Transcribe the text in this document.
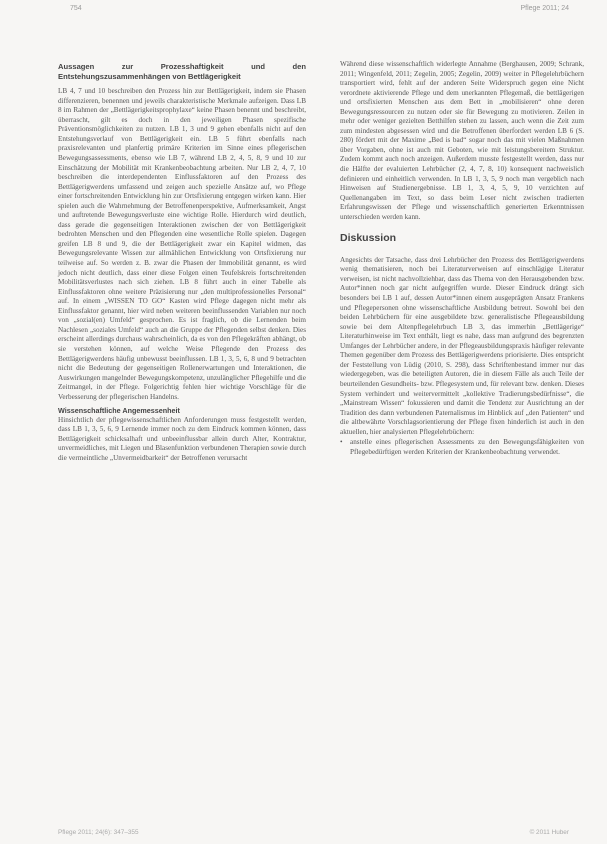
754	Pflege 2011; 24
Aussagen zur Prozesshaftigkeit und den Entstehungszusammenhängen von Bettlägerigkeit

LB 4, 7 und 10 beschreiben den Prozess hin zur Bettlägerigkeit, indem sie Phasen differenzieren, benennen und jeweils charakteristische Merkmale aufzeigen. Dass LB 8 im Rahmen der „Bettlägerigkeitsprophylaxe“ keine Phasen benennt und beschreibt, überrascht, gilt es doch in den jeweiligen Phasen spezifische Präventionsmöglichkeiten zu nutzen. LB 1, 3 und 9 gehen ebenfalls nicht auf den Entstehungsverlauf von Bettlägerigkeit ein. LB 5 führt ebenfalls nach praxisrelevanten und planfertig primäre Kriterien im Sinne eines pflegerischen Bewegungsassessments, ebenso wie LB 7, während LB 2, 4, 5, 8, 9 und 10 zur Einschätzung der Mobilität mit Krankenbeobachtung arbeiten. Nur LB 2, 4, 7, 10 beschreiben die interdependenten Einflussfaktoren auf den Prozess des Bettlägerigwerdens umfassend und zeigen auch spezielle Ansätze auf, wo Pflege einer fortschreitenden Entwicklung hin zur Ortsfixierung entgegen wirken kann. Hier spielen auch die Wahrnehmung der Betroffenenperspektive, Aufmerksamkeit, Angst und auftretende Bewegungsverluste eine wichtige Rolle. Hierdurch wird deutlich, dass gerade die gegenseitigen Interaktionen zwischen der von Bettlägerigkeit bedrohten Menschen und den Pflegenden eine wesentliche Rolle spielen. Dagegen greifen LB 8 und 9, die der Bettlägerigkeit zwar ein Kapitel widmen, das Bewegungsrelevante Wissen zur allmählichen Entwicklung von Ortsfixierung nur teilweise auf. So werden z. B. zwar die Phasen der Immobilität genannt, es wird jedoch nicht deutlich, dass einer diese Folgen einen Teufelskreis fortschreitenden Mobilitätsverlustes nach sich ziehen. LB 8 führt auch in einer Tabelle als Einflussfaktoren ohne weitere Präzisierung nur „den multiprofessionelles Personal“ auf. In einem „WISSEN TO GO“ Kasten wird Pflege dagegen nicht mehr als Einflussfaktor genannt, hier wird neben weiteren beeinflussenden Variablen nur noch von „sozial(en) Umfeld“ gesprochen. Es ist fraglich, ob die Lernenden beim Nachlesen „soziales Umfeld“ auch an die Gruppe der Pflegenden selbst denken. Dies erscheint allerdings durchaus wahrscheinlich, da es von den Pflegekräften abhängt, ob sie verstehen können, auf welche Weise Pflegende den Prozess des Bettlägerigwerdens häufig unbewusst beeinflussen. LB 1, 3, 5, 6, 8 und 9 betrachten nicht die Bedeutung der gegenseitigen Rollenerwartungen und Interaktionen, die Auswirkungen mangelnder Bewegungskompetenz, unzulänglicher Pflegehilfe und die Zeitmangel, in der Pflege. Folgerichtig fehlen hier wichtige Vorschläge für die Verbesserung der pflegerischen Handelns.

Wissenschaftliche Angemessenheit

Hinsichtlich der pflegewissenschaftlichen Anforderungen muss festgestellt werden, dass LB 1, 3, 5, 6, 9 Lernende immer noch zu dem Eindruck kommen können, dass Bettlägerigkeit schicksalhaft und unbeeinflussbar allein durch Alter, Kontraktur, unvermeidliches, mit Liegen und Blasenfunktion verbundenen Therapien sowie durch die vermeintliche „Unvermeidbarkeit“ der Betroffenen verursacht

Während diese wissenschaftlich widerlegte Annahme (Berghausen, 2009; Schrank, 2011; Wingenfeld, 2011; Zegelin, 2005; Zegelin, 2009) weiter in Pflegelehrbüchern transportiert wird, fehlt auf der anderen Seite Widerspruch gegen eine Nicht verordnete aktivierende Pflege und dem unerkannten Pflegemaß, die bettlägerigen und ortsfixierten Menschen aus dem Bett in „mobilisieren“ ohne deren Bewegungsressourcen zu nutzen oder sie für Bewegung zu motivieren. Zeilen in mehr oder weniger gezielten Betthilfen stehen zu lassen, auch wenn die Zeit zum zum mindesten abgesessen wird und die Betroffenen überfordert werden LB 6 (S. 280) fördert mit der Maxime „Bed is bad“ sogar noch das mit vielen Maßnahmen über Vorgaben, ohne ist auch mit Geboten, wie mit leistungsbereitem Struktur. Zudem kommt auch noch anzeigen. Außerdem musste festgestellt werden, dass nur die Hälfte der evaluierten Lehrbücher (2, 4, 7, 8, 10) konsequent nachweislich definieren und einheitlich verwenden. In LB 1, 3, 5, 9 noch man vergeblich nach Hinweisen auf Studienergebnisse. LB 1, 3, 4, 5, 9, 10 verzichten auf Quellenangaben im Text, so dass beim Leser nicht zwischen tradierten Erfahrungswissen der Pflege und wissenschaftlich generierten Erkenntnissen unterschieden werden kann.

Diskussion

Angesichts der Tatsache, dass drei Lehrbücher den Prozess des Bettlägerigwerdens wenig thematisieren, noch bei Literaturverweisen auf einschlägige Literatur verweisen, ist nicht nachvollziehbar, dass das Thema von den Herausgebenden bzw. Autor*innen noch gar nicht aufgegriffen wurde. Dieser Eindruck drängt sich besonders bei LB 1 auf, dessen Autor*innen einem ausgeprägten Ansatz Frankens und Pflegepersonen ohne wissenschaftliche Ausbildung betreut. Sowohl bei den beiden Lehrbüchern für eine ausgebildete bzw. generalistische Pflegeausbildung sowie bei dem Altenpflegelehrbuch LB 3, das immerhin „Bettlägerige“ Literaturhinweise im Text enthält, liegt es nahe, dass man aufgrund des begrenzten Umfanges der Lehrbücher andere, in der Pflegeausbildungspraxis häufiger relevante Themen gegenüber dem Prozess des Bettlägerigwerdens priorisierte. Dies entspricht der Feststellung von Lüdig (2010, S. 298), dass Schriftenbestand immer nur das wiedergegeben, was die beteiligten Autoren, die in diesem Fälle als auch Teile der beurteilenden Gesundheits- bzw. Pflegesystem und, für relevant bzw. denken. Dieses System verhindert und weitervermittelt „kollektive Tradierungsbedürfnisse“, die „Mainstream Wissen“ fokussieren und damit die Tendenz zur Ausrichtung an der Tradition des dann verbundenen Paternalismus im Hinblick auf „den Patienten“ und die altbewährte Vorschlagsorientierung der Pflege fixen hinderlich ist auch in den aktuellen, hier analysierten Pflegelehrbüchern:

•	anstelle eines pflegerischen Assessments zu den Bewegungsfähigkeiten von Pflegebedürftigen werden Kriterien der Krankenbeobachtung verwendet.
Pflege 2011; 24(6): 347–355	© 2011 Huber
